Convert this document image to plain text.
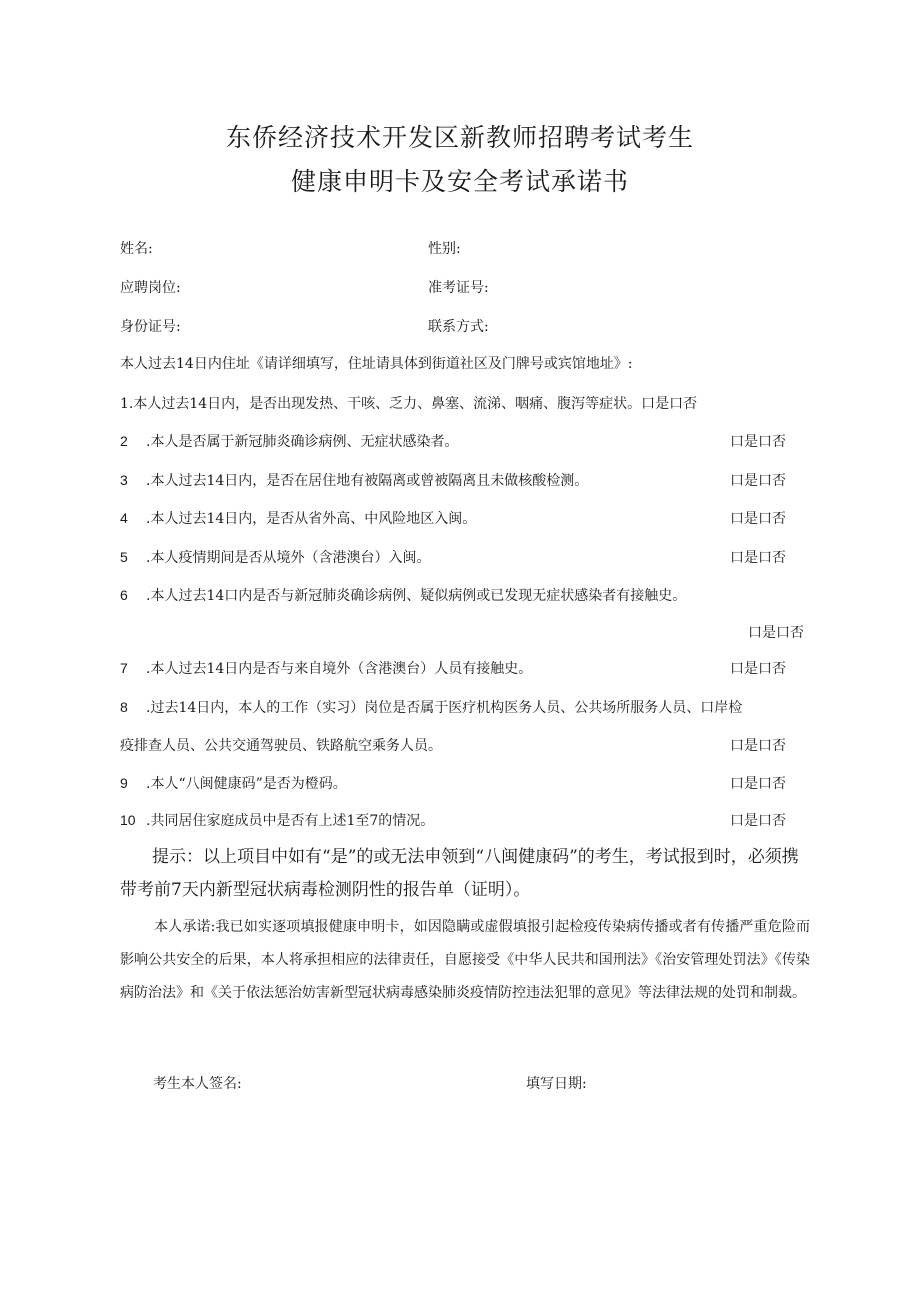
东侨经济技术开发区新教师招聘考试考生
健康申明卡及安全考试承诺书
姓名:	性别:
应聘岗位:	准考证号:
身份证号:	联系方式:
本人过去14日内住址《请详细填写，住址请具体到街道社区及门牌号或宾馆地址》:
1.本人过去14日内，是否出现发热、干咳、乏力、鼻塞、流涕、咽痛、腹泻等症状。口是口否
2 .本人是否属于新冠肺炎确诊病例、无症状感染者。	口是口否
3 .本人过去14日内，是否在居住地有被隔离或曾被隔离且未做核酸检测。	口是口否
4 .本人过去14日内，是否从省外高、中风险地区入闽。	口是口否
5 .本人疫情期间是否从境外（含港澳台）入闽。	口是口否
6 .本人过去14口内是否与新冠肺炎确诊病例、疑似病例或已发现无症状感染者有接触史。
口是口否
7 .本人过去14日内是否与来自境外（含港澳台）人员有接触史。	口是口否
8 .过去14日内，本人的工作（实习）岗位是否属于医疗机构医务人员、公共场所服务人员、口岸检
疫排查人员、公共交通驾驶员、铁路航空乘务人员。	口是口否
9 .本人“八闽健康码”是否为橙码。	口是口否
10 .共同居住家庭成员中是否有上述1至7的情况。	口是口否
提示：以上项目中如有“是”的或无法申领到“八闽健康码”的考生，考试报到时，必须携带考前7天内新型冠状病毒检测阴性的报告单（证明）。
本人承诺:我已如实逐项填报健康申明卡，如因隐瞒或虚假填报引起检疫传染病传播或者有传播严重危险而影响公共安全的后果，本人将承担相应的法律责任，自愿接受《中华人民共和国刑法》《治安管理处罚法》《传染病防治法》和《关于依法惩治妨害新型冠状病毒感染肺炎疫情防控违法犯罪的意见》等法律法规的处罚和制裁。
考生本人签名:	填写日期:
